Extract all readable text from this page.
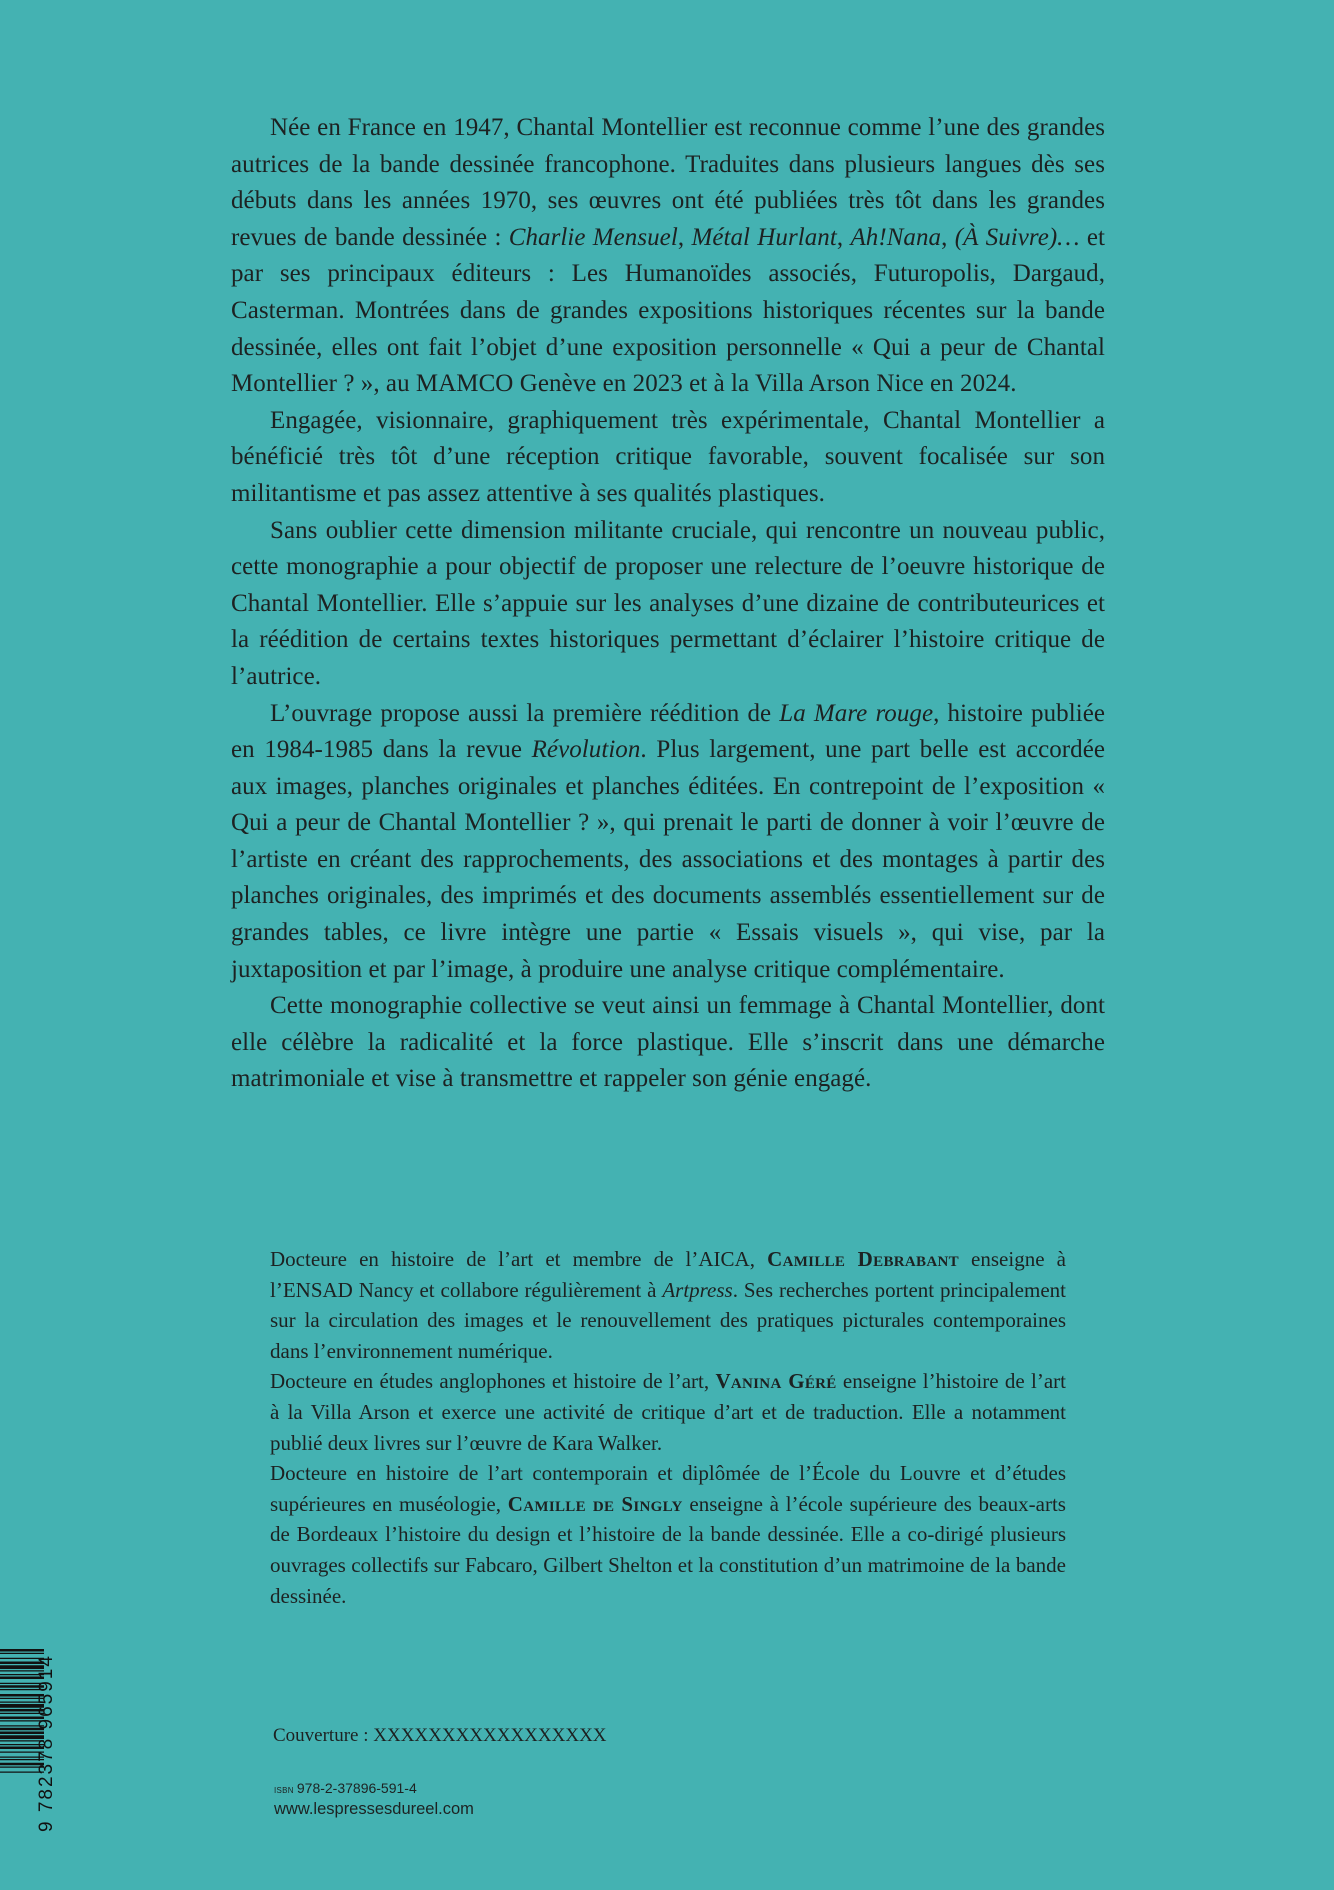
Née en France en 1947, Chantal Montellier est reconnue comme l’une des grandes autrices de la bande dessinée francophone. Traduites dans plusieurs langues dès ses débuts dans les années 1970, ses œuvres ont été publiées très tôt dans les grandes revues de bande dessinée : Charlie Mensuel, Métal Hurlant, Ah!Nana, (À Suivre)… et par ses principaux éditeurs : Les Humanoïdes associés, Futuropolis, Dargaud, Casterman. Montrées dans de grandes expositions historiques récentes sur la bande dessinée, elles ont fait l’objet d’une exposition personnelle « Qui a peur de Chantal Montellier ? », au MAMCO Genève en 2023 et à la Villa Arson Nice en 2024.

Engagée, visionnaire, graphiquement très expérimentale, Chantal Montellier a bénéficié très tôt d’une réception critique favorable, souvent focalisée sur son militantisme et pas assez attentive à ses qualités plastiques.

Sans oublier cette dimension militante cruciale, qui rencontre un nouveau public, cette monographie a pour objectif de proposer une relecture de l’oeuvre historique de Chantal Montellier. Elle s’appuie sur les analyses d’une dizaine de contributeurices et la réédition de certains textes historiques permettant d’éclairer l’histoire critique de l’autrice.

L’ouvrage propose aussi la première réédition de La Mare rouge, histoire publiée en 1984-1985 dans la revue Révolution. Plus largement, une part belle est accordée aux images, planches originales et planches éditées. En contrepoint de l’exposition « Qui a peur de Chantal Montellier ? », qui prenait le parti de donner à voir l’œuvre de l’artiste en créant des rapprochements, des associations et des montages à partir des planches originales, des imprimés et des documents assemblés essentiellement sur de grandes tables, ce livre intègre une partie « Essais visuels », qui vise, par la juxtaposition et par l’image, à produire une analyse critique complémentaire.

Cette monographie collective se veut ainsi un femmage à Chantal Montellier, dont elle célèbre la radicalité et la force plastique. Elle s’inscrit dans une démarche matrimoniale et vise à transmettre et rappeler son génie engagé.

Docteure en histoire de l’art et membre de l’AICA, Camille Debrabant enseigne à l’ENSAD Nancy et collabore régulièrement à Artpress. Ses recherches portent principalement sur la circulation des images et le renouvellement des pratiques picturales contemporaines dans l’environnement numérique.

Docteure en études anglophones et histoire de l’art, Vanina Géré enseigne l’histoire de l’art à la Villa Arson et exerce une activité de critique d’art et de traduction. Elle a notamment publié deux livres sur l’œuvre de Kara Walker.

Docteure en histoire de l’art contemporain et diplômée de l’École du Louvre et d’études supérieures en muséologie, Camille de Singly enseigne à l’école supérieure des beaux-arts de Bordeaux l’histoire du design et l’histoire de la bande dessinée. Elle a co-dirigé plusieurs ouvrages collectifs sur Fabcaro, Gilbert Shelton et la constitution d’un matrimoine de la bande dessinée.

Couverture : XXXXXXXXXXXXXXXXX
ISBN 978-2-37896-591-4
www.lespressesdureel.com
9 782378 965914
